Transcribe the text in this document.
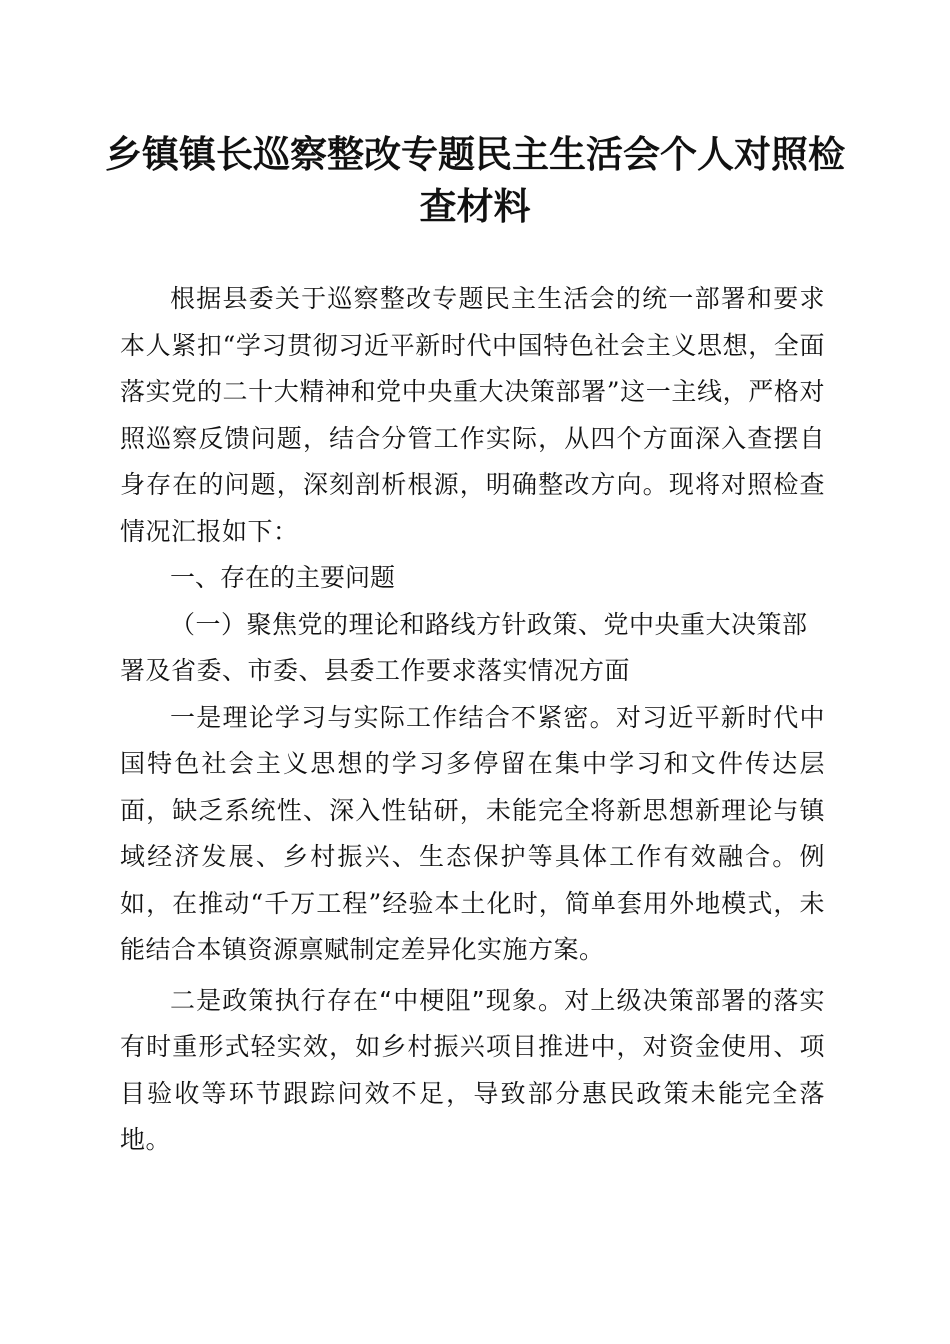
乡镇镇长巡察整改专题民主生活会个人对照检查材料

根据县委关于巡察整改专题民主生活会的统一部署和要求本人紧扣“学习贯彻习近平新时代中国特色社会主义思想，全面落实党的二十大精神和党中央重大决策部署”这一主线，严格对照巡察反馈问题，结合分管工作实际，从四个方面深入查摆自身存在的问题，深刻剖析根源，明确整改方向。现将对照检查情况汇报如下：

一、存在的主要问题

（一）聚焦党的理论和路线方针政策、党中央重大决策部署及省委、市委、县委工作要求落实情况方面

一是理论学习与实际工作结合不紧密。对习近平新时代中国特色社会主义思想的学习多停留在集中学习和文件传达层面，缺乏系统性、深入性钻研，未能完全将新思想新理论与镇域经济发展、乡村振兴、生态保护等具体工作有效融合。例如，在推动“千万工程”经验本土化时，简单套用外地模式，未能结合本镇资源禀赋制定差异化实施方案。

二是政策执行存在“中梗阻”现象。对上级决策部署的落实有时重形式轻实效，如乡村振兴项目推进中，对资金使用、项目验收等环节跟踪问效不足，导致部分惠民政策未能完全落地。
